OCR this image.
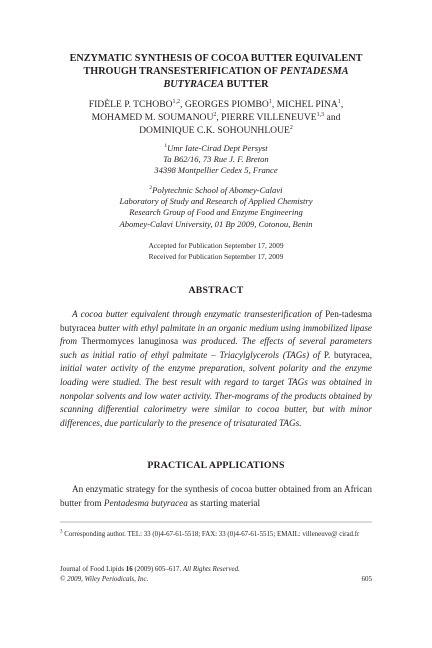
ENZYMATIC SYNTHESIS OF COCOA BUTTER EQUIVALENT
THROUGH TRANSESTERIFICATION OF PENTADESMA
BUTYRACEA BUTTER
FIDÈLE P. TCHOBO$^{1,2}$, GEORGES PIOMBO$^1$, MICHEL PINA$^1$,
MOHAMED M. SOUMANOU$^2$, PIERRE VILLENEUVE$^{1,3}$ and
DOMINIQUE C.K. SOHOUNHLOUE$^2$
$^1$Umr Iate-Cirad Dept Persyst
Ta B62/16, 73 Rue J. F. Breton
34398 Montpellier Cedex 5, France
$^2$Polytechnic School of Abomey-Calavi
Laboratory of Study and Research of Applied Chemistry
Research Group of Food and Enzyme Engineering
Abomey-Calavi University, 01 Bp 2009, Cotonou, Benin
Accepted for Publication September 17, 2009
Received for Publication September 17, 2009
ABSTRACT
A cocoa butter equivalent through enzymatic transesterification of Pen-tadesma butyracea butter with ethyl palmitate in an organic medium using immobilized lipase from Thermomyces lanuginosa was produced. The effects of several parameters such as initial ratio of ethyl palmitate – Triacylglycerols (TAGs) of P. butyracea, initial water activity of the enzyme preparation, solvent polarity and the enzyme loading were studied. The best result with regard to target TAGs was obtained in nonpolar solvents and low water activity. Ther-mograms of the products obtained by scanning differential calorimetry were similar to cocoa butter, but with minor differences, due particularly to the presence of trisaturated TAGs.
PRACTICAL APPLICATIONS
An enzymatic strategy for the synthesis of cocoa butter obtained from an African butter from Pentadesma butyracea as starting material
$^3$ Corresponding author. TEL: 33 (0)4-67-61-5518; FAX: 33 (0)4-67-61-5515; EMAIL: villeneuve@ cirad.fr
Journal of Food Lipids 16 (2009) 605–617. All Rights Reserved.
© 2009, Wiley Periodicals, Inc.	605
